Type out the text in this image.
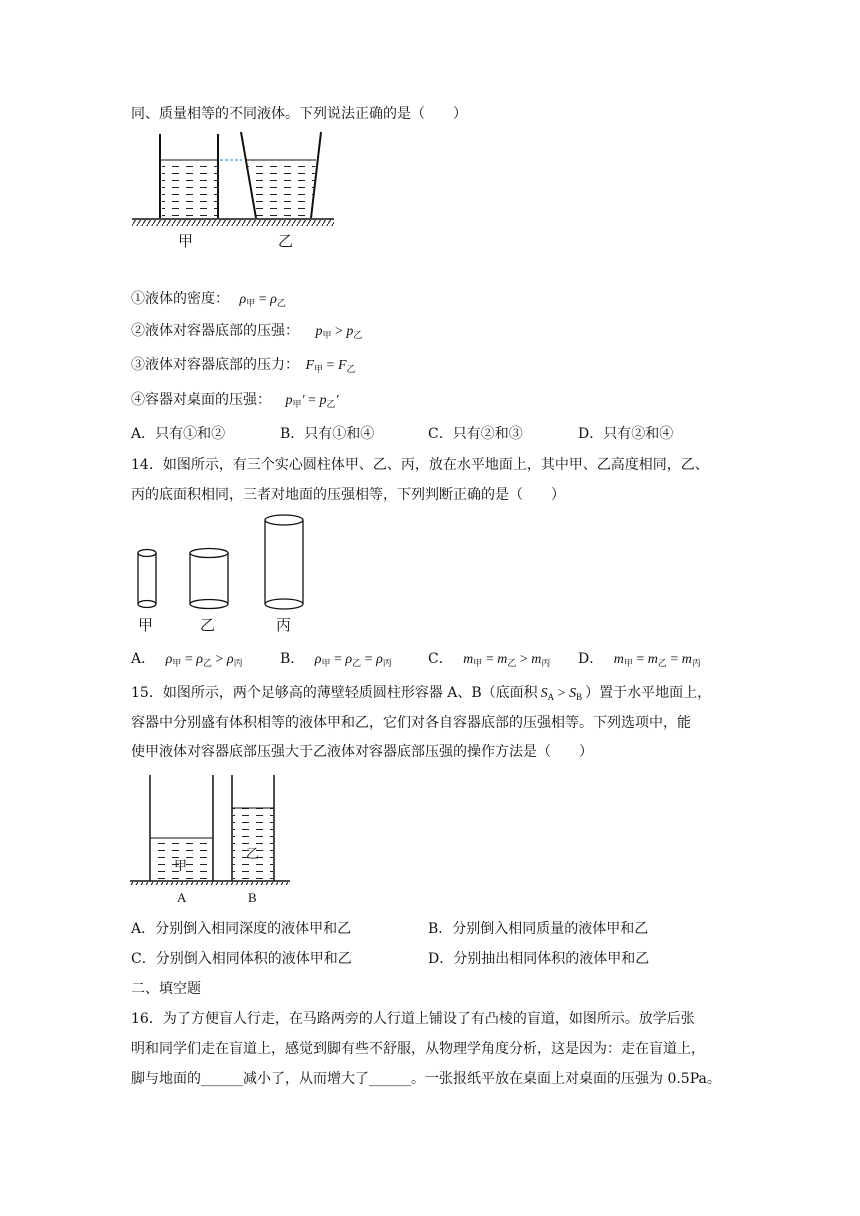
同、质量相等的不同液体。下列说法正确的是（　　）
甲	乙
①液体的密度： $\rho_甲 = \rho_乙$
②液体对容器底部的压强： $p_甲 > p_乙$
③液体对容器底部的压力： $F_甲 = F_乙$
④容器对桌面的压强： $p_甲' = p_乙'$
A．只有①和②	B．只有①和④	C．只有②和③	D．只有②和④
14．如图所示，有三个实心圆柱体甲、乙、丙，放在水平地面上，其中甲、乙高度相同，乙、
丙的底面积相同，三者对地面的压强相等，下列判断正确的是（　　）
甲	乙	丙
A． $\rho_甲 = \rho_乙 > \rho_丙$	B． $\rho_甲 = \rho_乙 = \rho_丙$	C． $m_甲 = m_乙 > m_丙$ D． $m_甲 = m_乙 = m_丙$
15．如图所示，两个足够高的薄壁轻质圆柱形容器 A、B（底面积 $S_A > S_B$ ）置于水平地面上，
容器中分别盛有体积相等的液体甲和乙，它们对各自容器底部的压强相等。下列选项中，能
使甲液体对容器底部压强大于乙液体对容器底部压强的操作方法是（　　）
甲
乙
A	B
A．分别倒入相同深度的液体甲和乙	B．分别倒入相同质量的液体甲和乙
C．分别倒入相同体积的液体甲和乙	D．分别抽出相同体积的液体甲和乙
二、填空题
16．为了方便盲人行走，在马路两旁的人行道上铺设了有凸棱的盲道，如图所示。放学后张
明和同学们走在盲道上，感觉到脚有些不舒服，从物理学角度分析，这是因为：走在盲道上，
脚与地面的______减小了，从而增大了______。一张报纸平放在桌面上对桌面的压强为 0.5Pa。
